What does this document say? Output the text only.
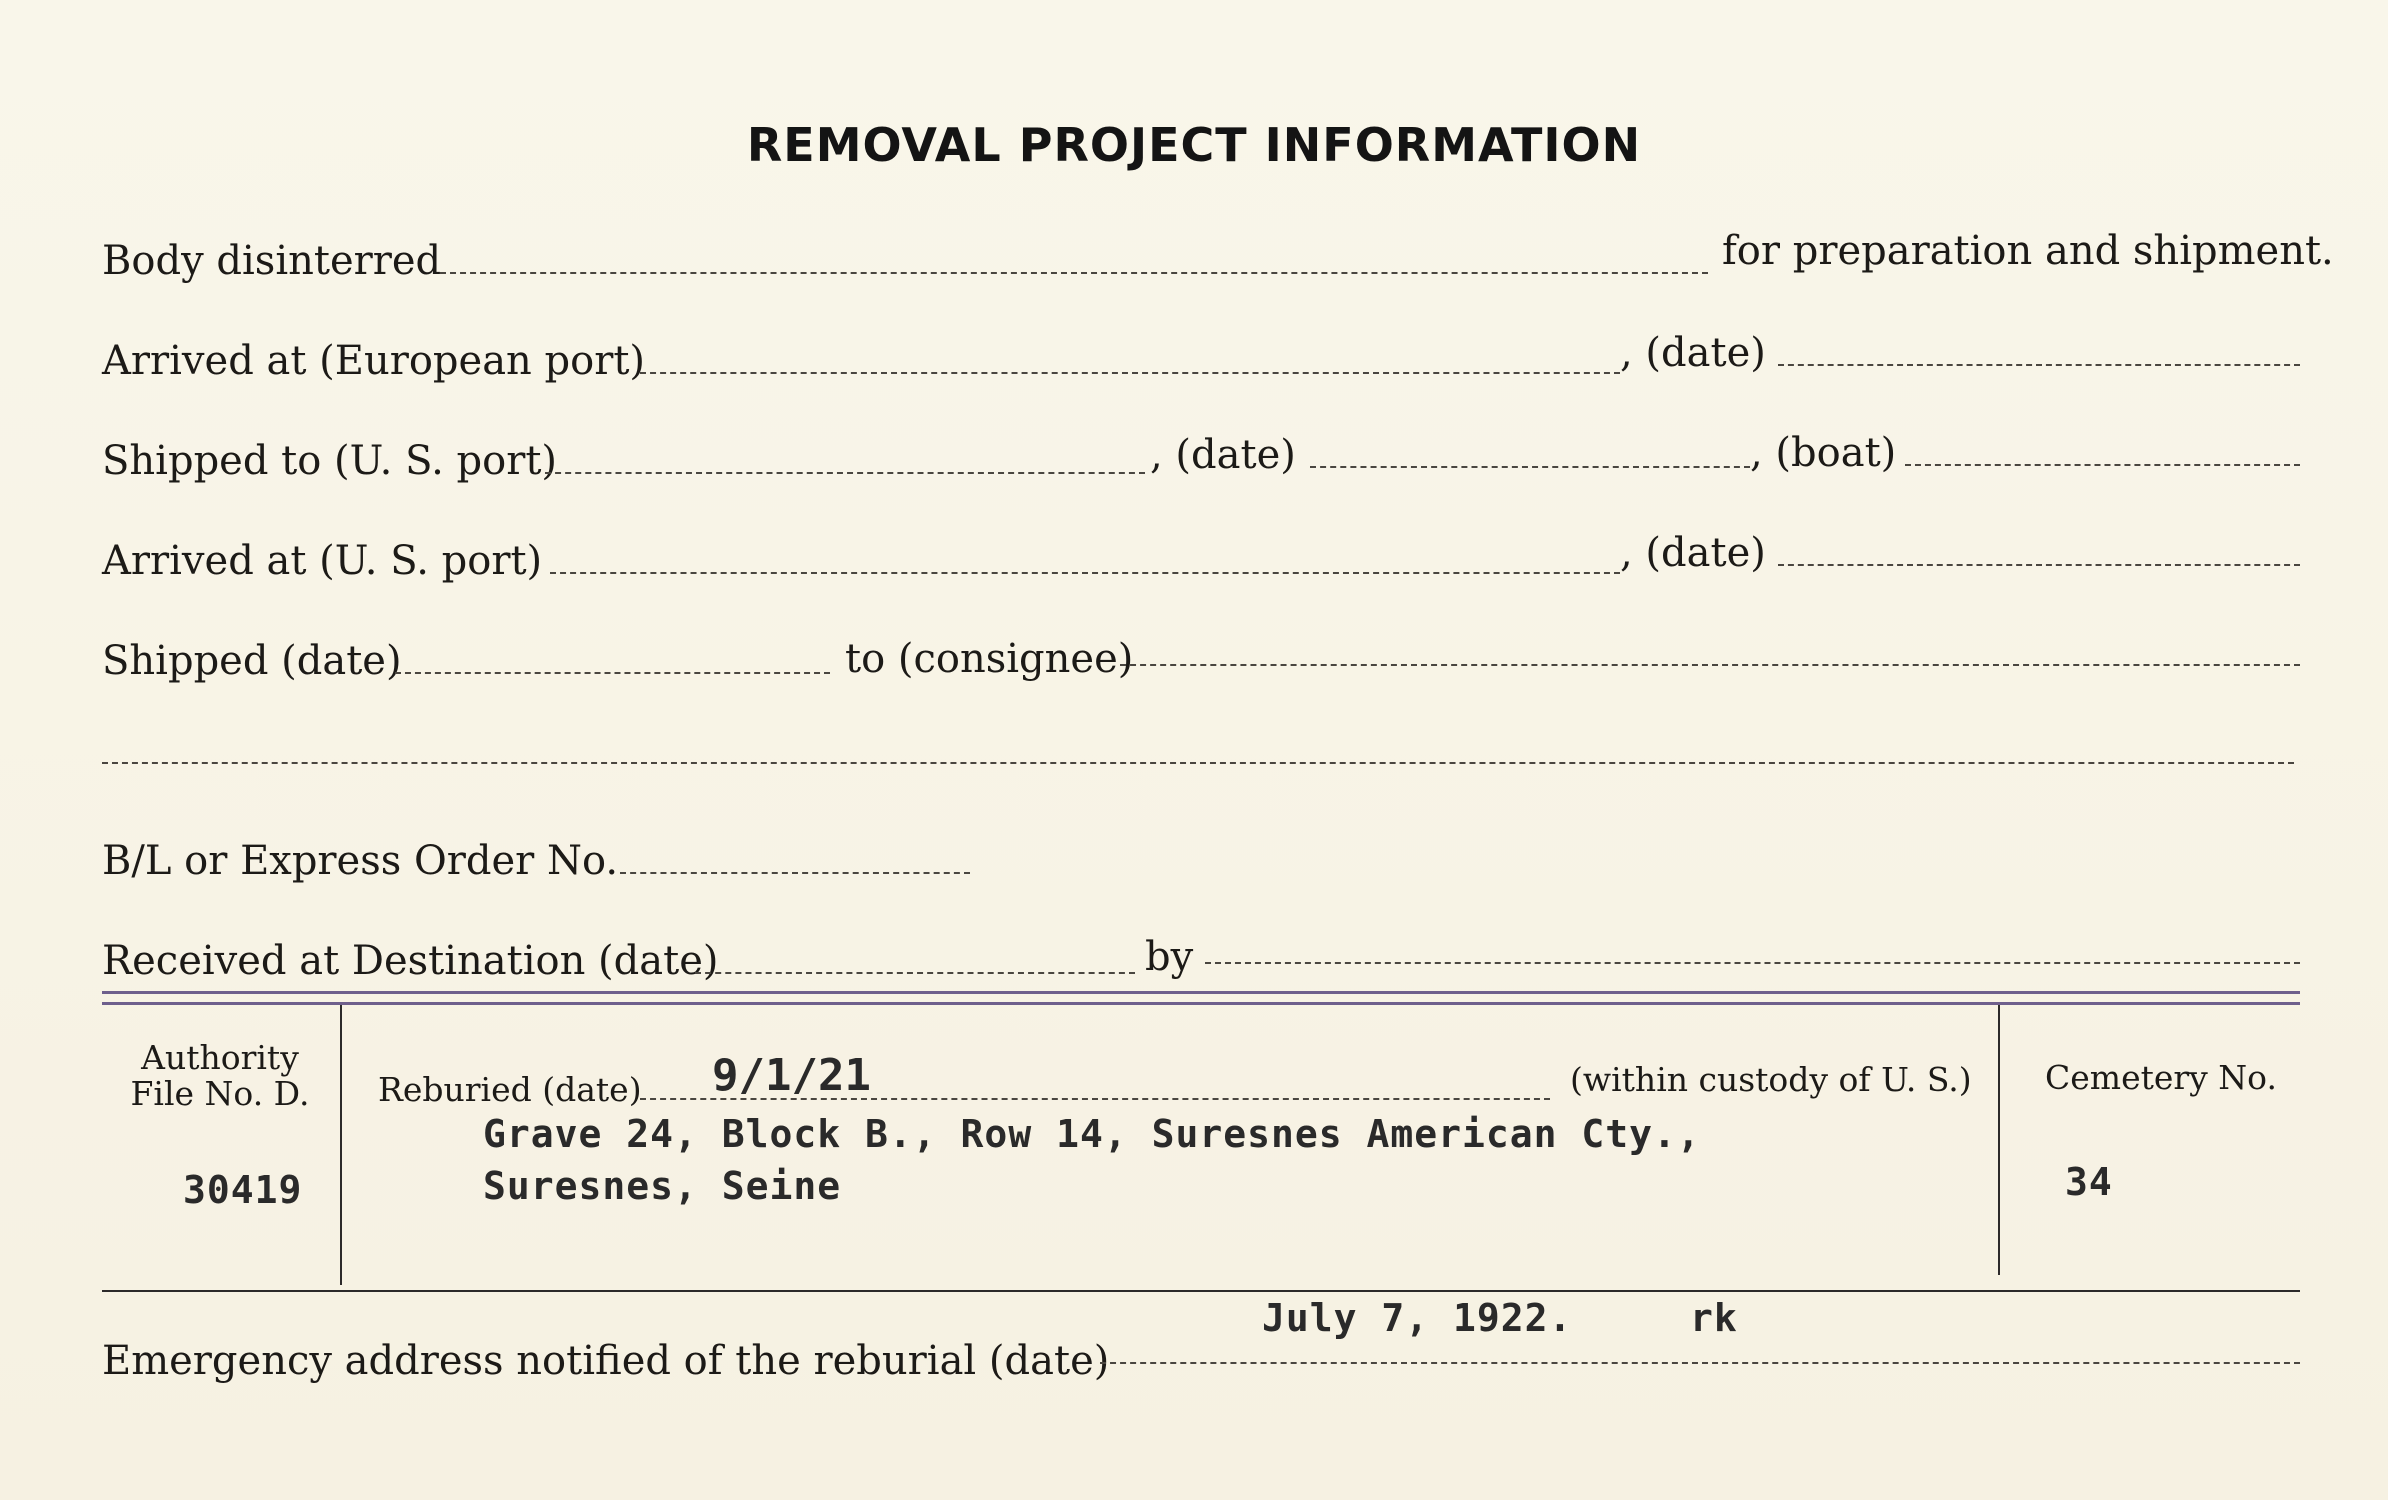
REMOVAL PROJECT INFORMATION
Body disinterred	for preparation and shipment.
Arrived at (European port)	, (date)
Shipped to (U. S. port)	, (date)	, (boat)
Arrived at (U. S. port)	, (date)
Shipped (date)	to (consignee)
B/L or Express Order No.
Received at Destination (date)	by
Authority
File No. D.
30419
Reburied (date) 9/1/21	(within custody of U. S.)
Grave 24, Block B., Row 14, Suresnes American Cty.,
Suresnes, Seine
Cemetery No.
34
Emergency address notified of the reburial (date)
July 7, 1922.	rk
